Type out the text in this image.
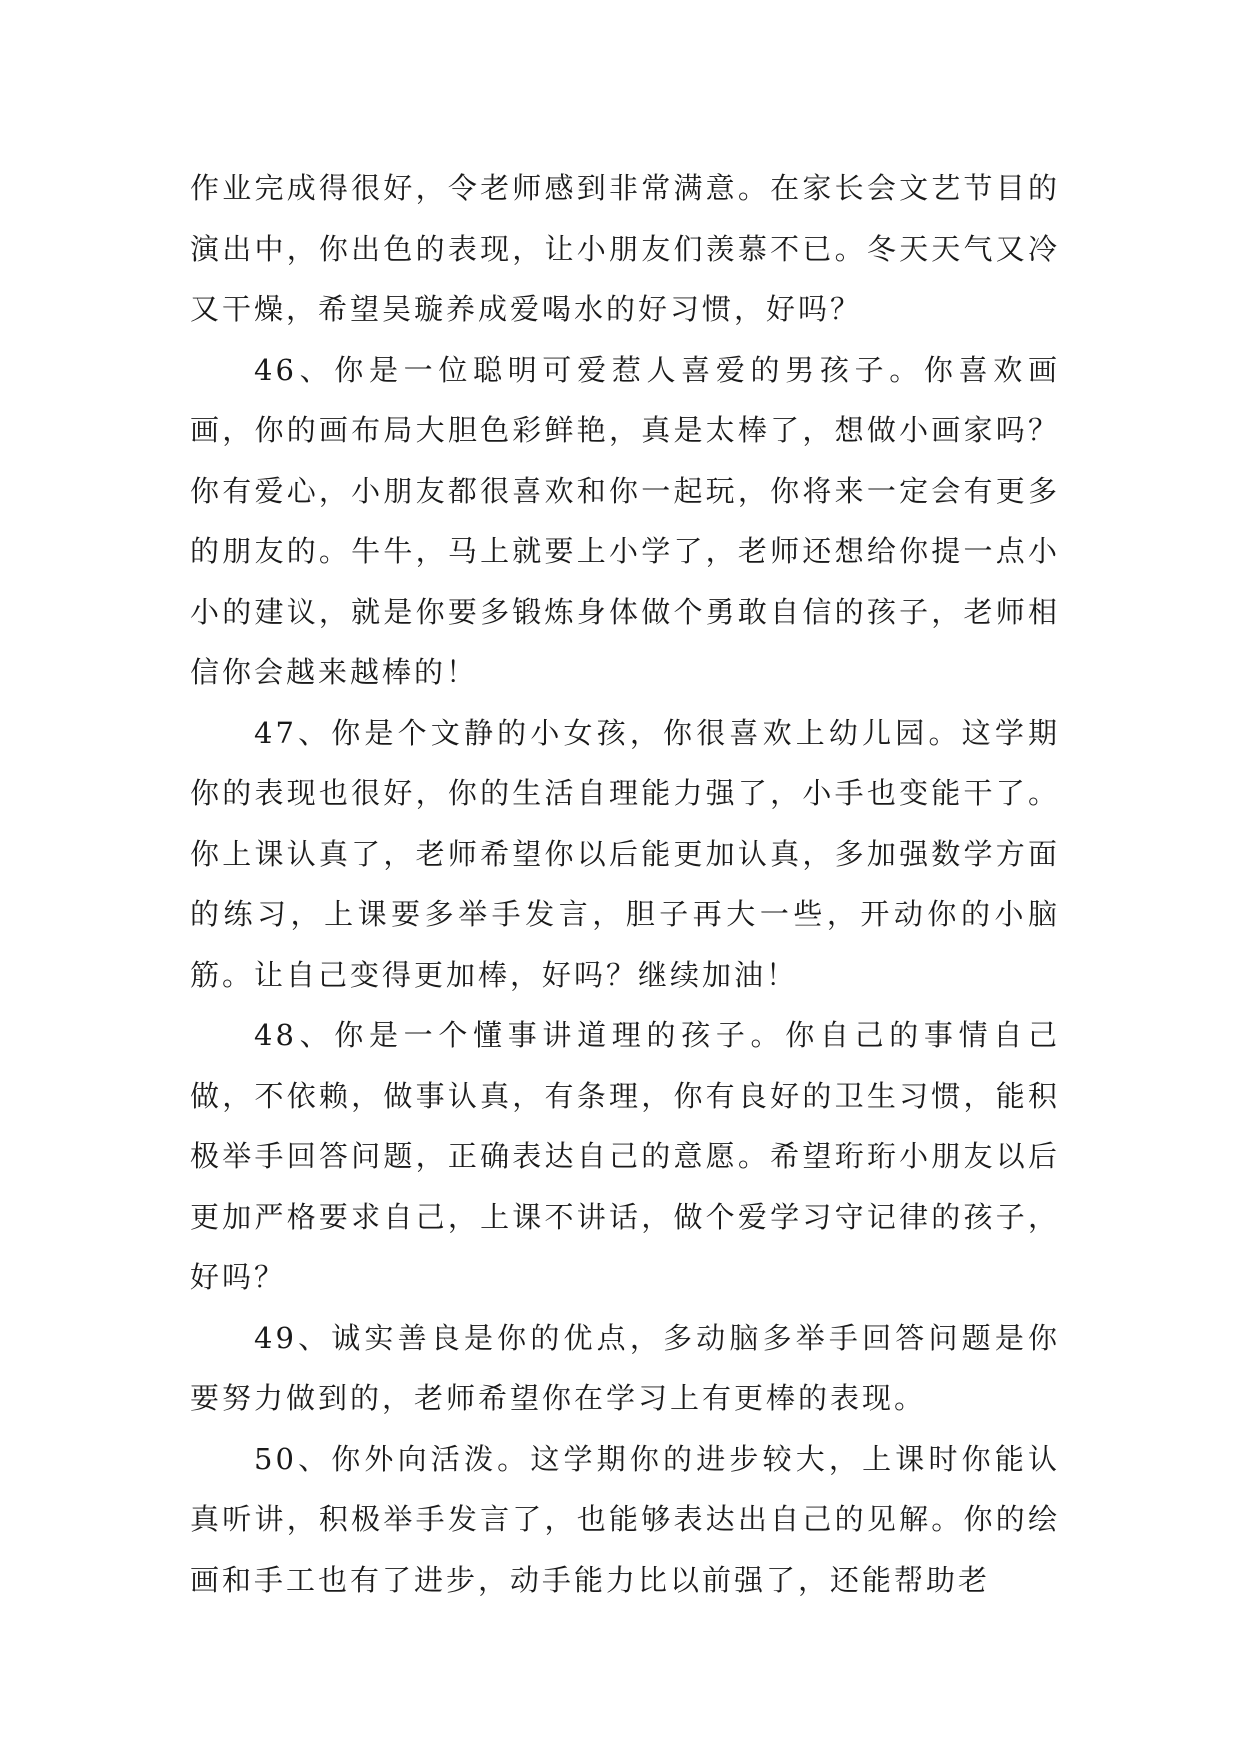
作业完成得很好，令老师感到非常满意。在家长会文艺节目的演出中，你出色的表现，让小朋友们羡慕不已。冬天天气又冷又干燥，希望吴璇养成爱喝水的好习惯，好吗？

46、你是一位聪明可爱惹人喜爱的男孩子。你喜欢画画，你的画布局大胆色彩鲜艳，真是太棒了，想做小画家吗？你有爱心，小朋友都很喜欢和你一起玩，你将来一定会有更多的朋友的。牛牛，马上就要上小学了，老师还想给你提一点小小的建议，就是你要多锻炼身体做个勇敢自信的孩子，老师相信你会越来越棒的！

47、你是个文静的小女孩，你很喜欢上幼儿园。这学期你的表现也很好，你的生活自理能力强了，小手也变能干了。你上课认真了，老师希望你以后能更加认真，多加强数学方面的练习，上课要多举手发言，胆子再大一些，开动你的小脑筋。让自己变得更加棒，好吗？继续加油！

48、你是一个懂事讲道理的孩子。你自己的事情自己做，不依赖，做事认真，有条理，你有良好的卫生习惯，能积极举手回答问题，正确表达自己的意愿。希望珩珩小朋友以后更加严格要求自己，上课不讲话，做个爱学习守记律的孩子，好吗？

49、诚实善良是你的优点，多动脑多举手回答问题是你要努力做到的，老师希望你在学习上有更棒的表现。

50、你外向活泼。这学期你的进步较大，上课时你能认真听讲，积极举手发言了，也能够表达出自己的见解。你的绘画和手工也有了进步，动手能力比以前强了，还能帮助老
